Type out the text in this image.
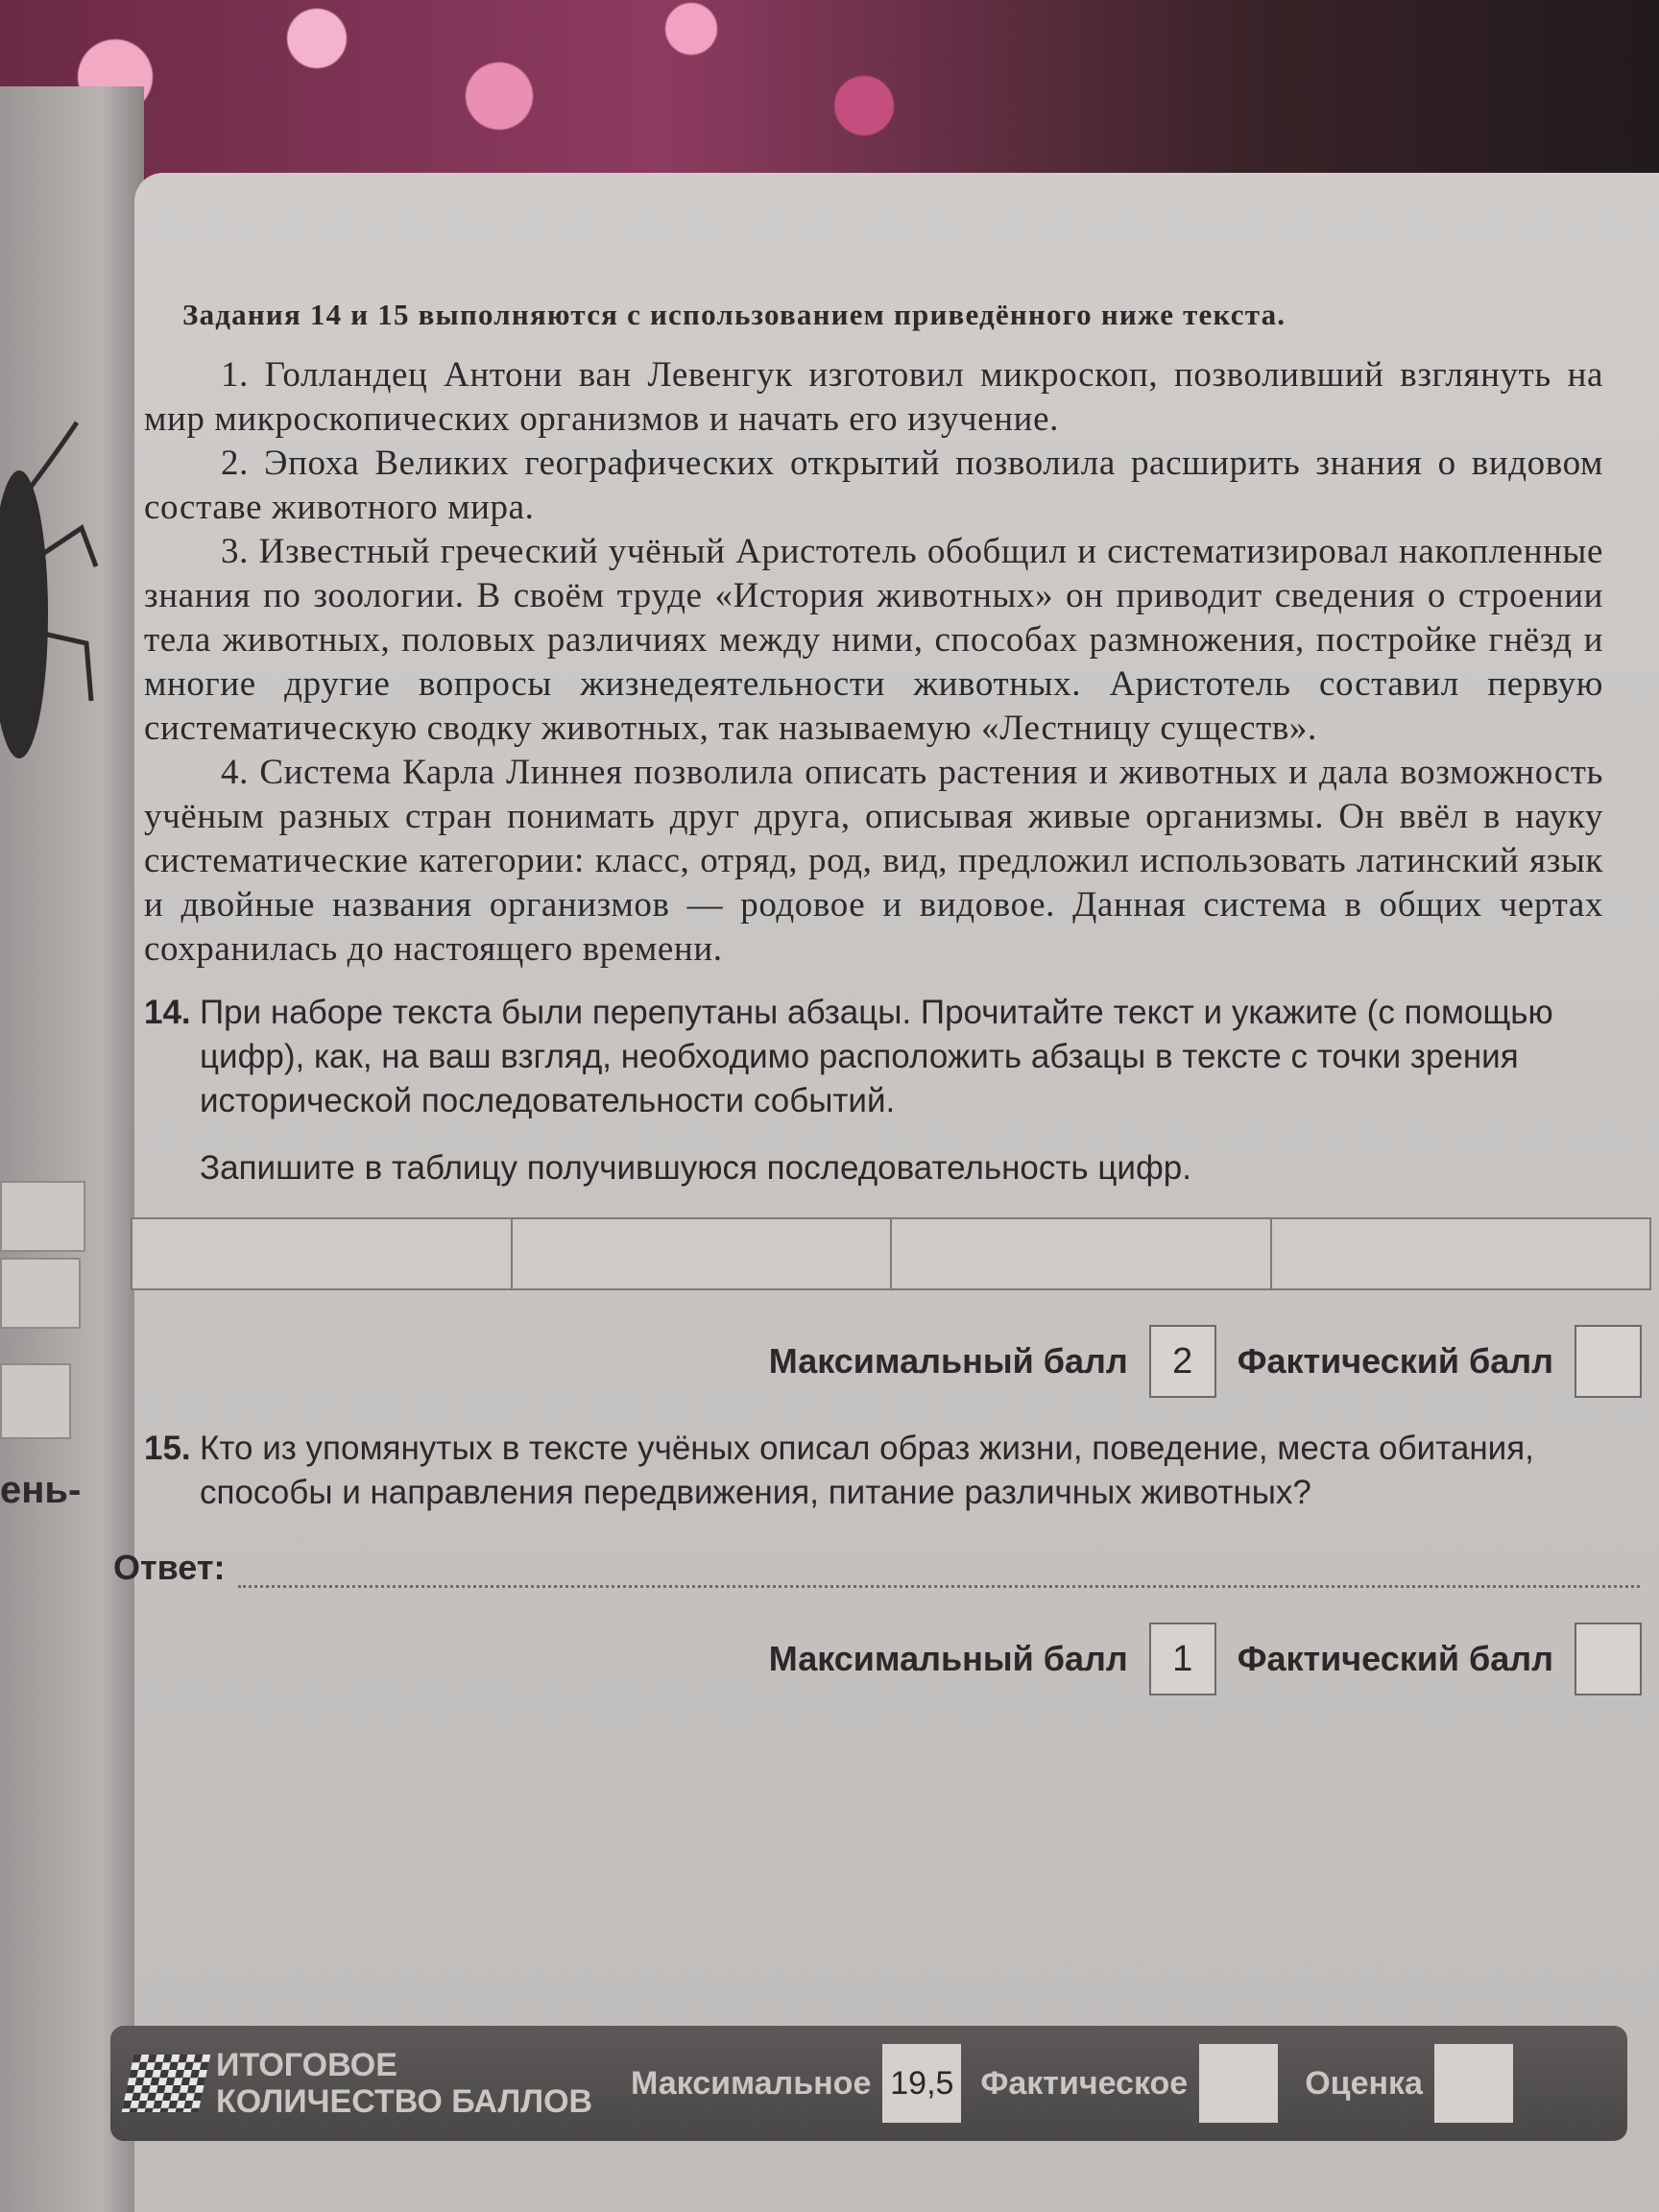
ень-

Задания 14 и 15 выполняются с использованием приведённого ниже текста.

1. Голландец Антони ван Левенгук изготовил микроскоп, позволивший взглянуть на мир микроскопических организмов и начать его изучение.

2. Эпоха Великих географических открытий позволила расширить знания о видовом составе животного мира.

3. Известный греческий учёный Аристотель обобщил и систематизировал накопленные знания по зоологии. В своём труде «История животных» он приводит сведения о строении тела животных, половых различиях между ними, способах размножения, постройке гнёзд и многие другие вопросы жизнедеятельности животных. Аристотель составил первую систематическую сводку животных, так называемую «Лестницу существ».

4. Система Карла Линнея позволила описать растения и животных и дала возможность учёным разных стран понимать друг друга, описывая живые организмы. Он ввёл в науку систематические категории: класс, отряд, род, вид, предложил использовать латинский язык и двойные названия организмов — родовое и видовое. Данная система в общих чертах сохранилась до настоящего времени.

14. При наборе текста были перепутаны абзацы. Прочитайте текст и укажите (с помощью цифр), как, на ваш взгляд, необходимо расположить абзацы в тексте с точки зрения исторической последовательности событий.
Запишите в таблицу получившуюся последовательность цифр.
Максимальный балл	2	Фактический балл
15. Кто из упомянутых в тексте учёных описал образ жизни, поведение, места обитания, способы и направления передвижения, питание различных животных?
Ответ:
Максимальный балл	1	Фактический балл
ИТОГОВОЕ
КОЛИЧЕСТВО БАЛЛОВ
Максимальное 19,5 Фактическое	Оценка
